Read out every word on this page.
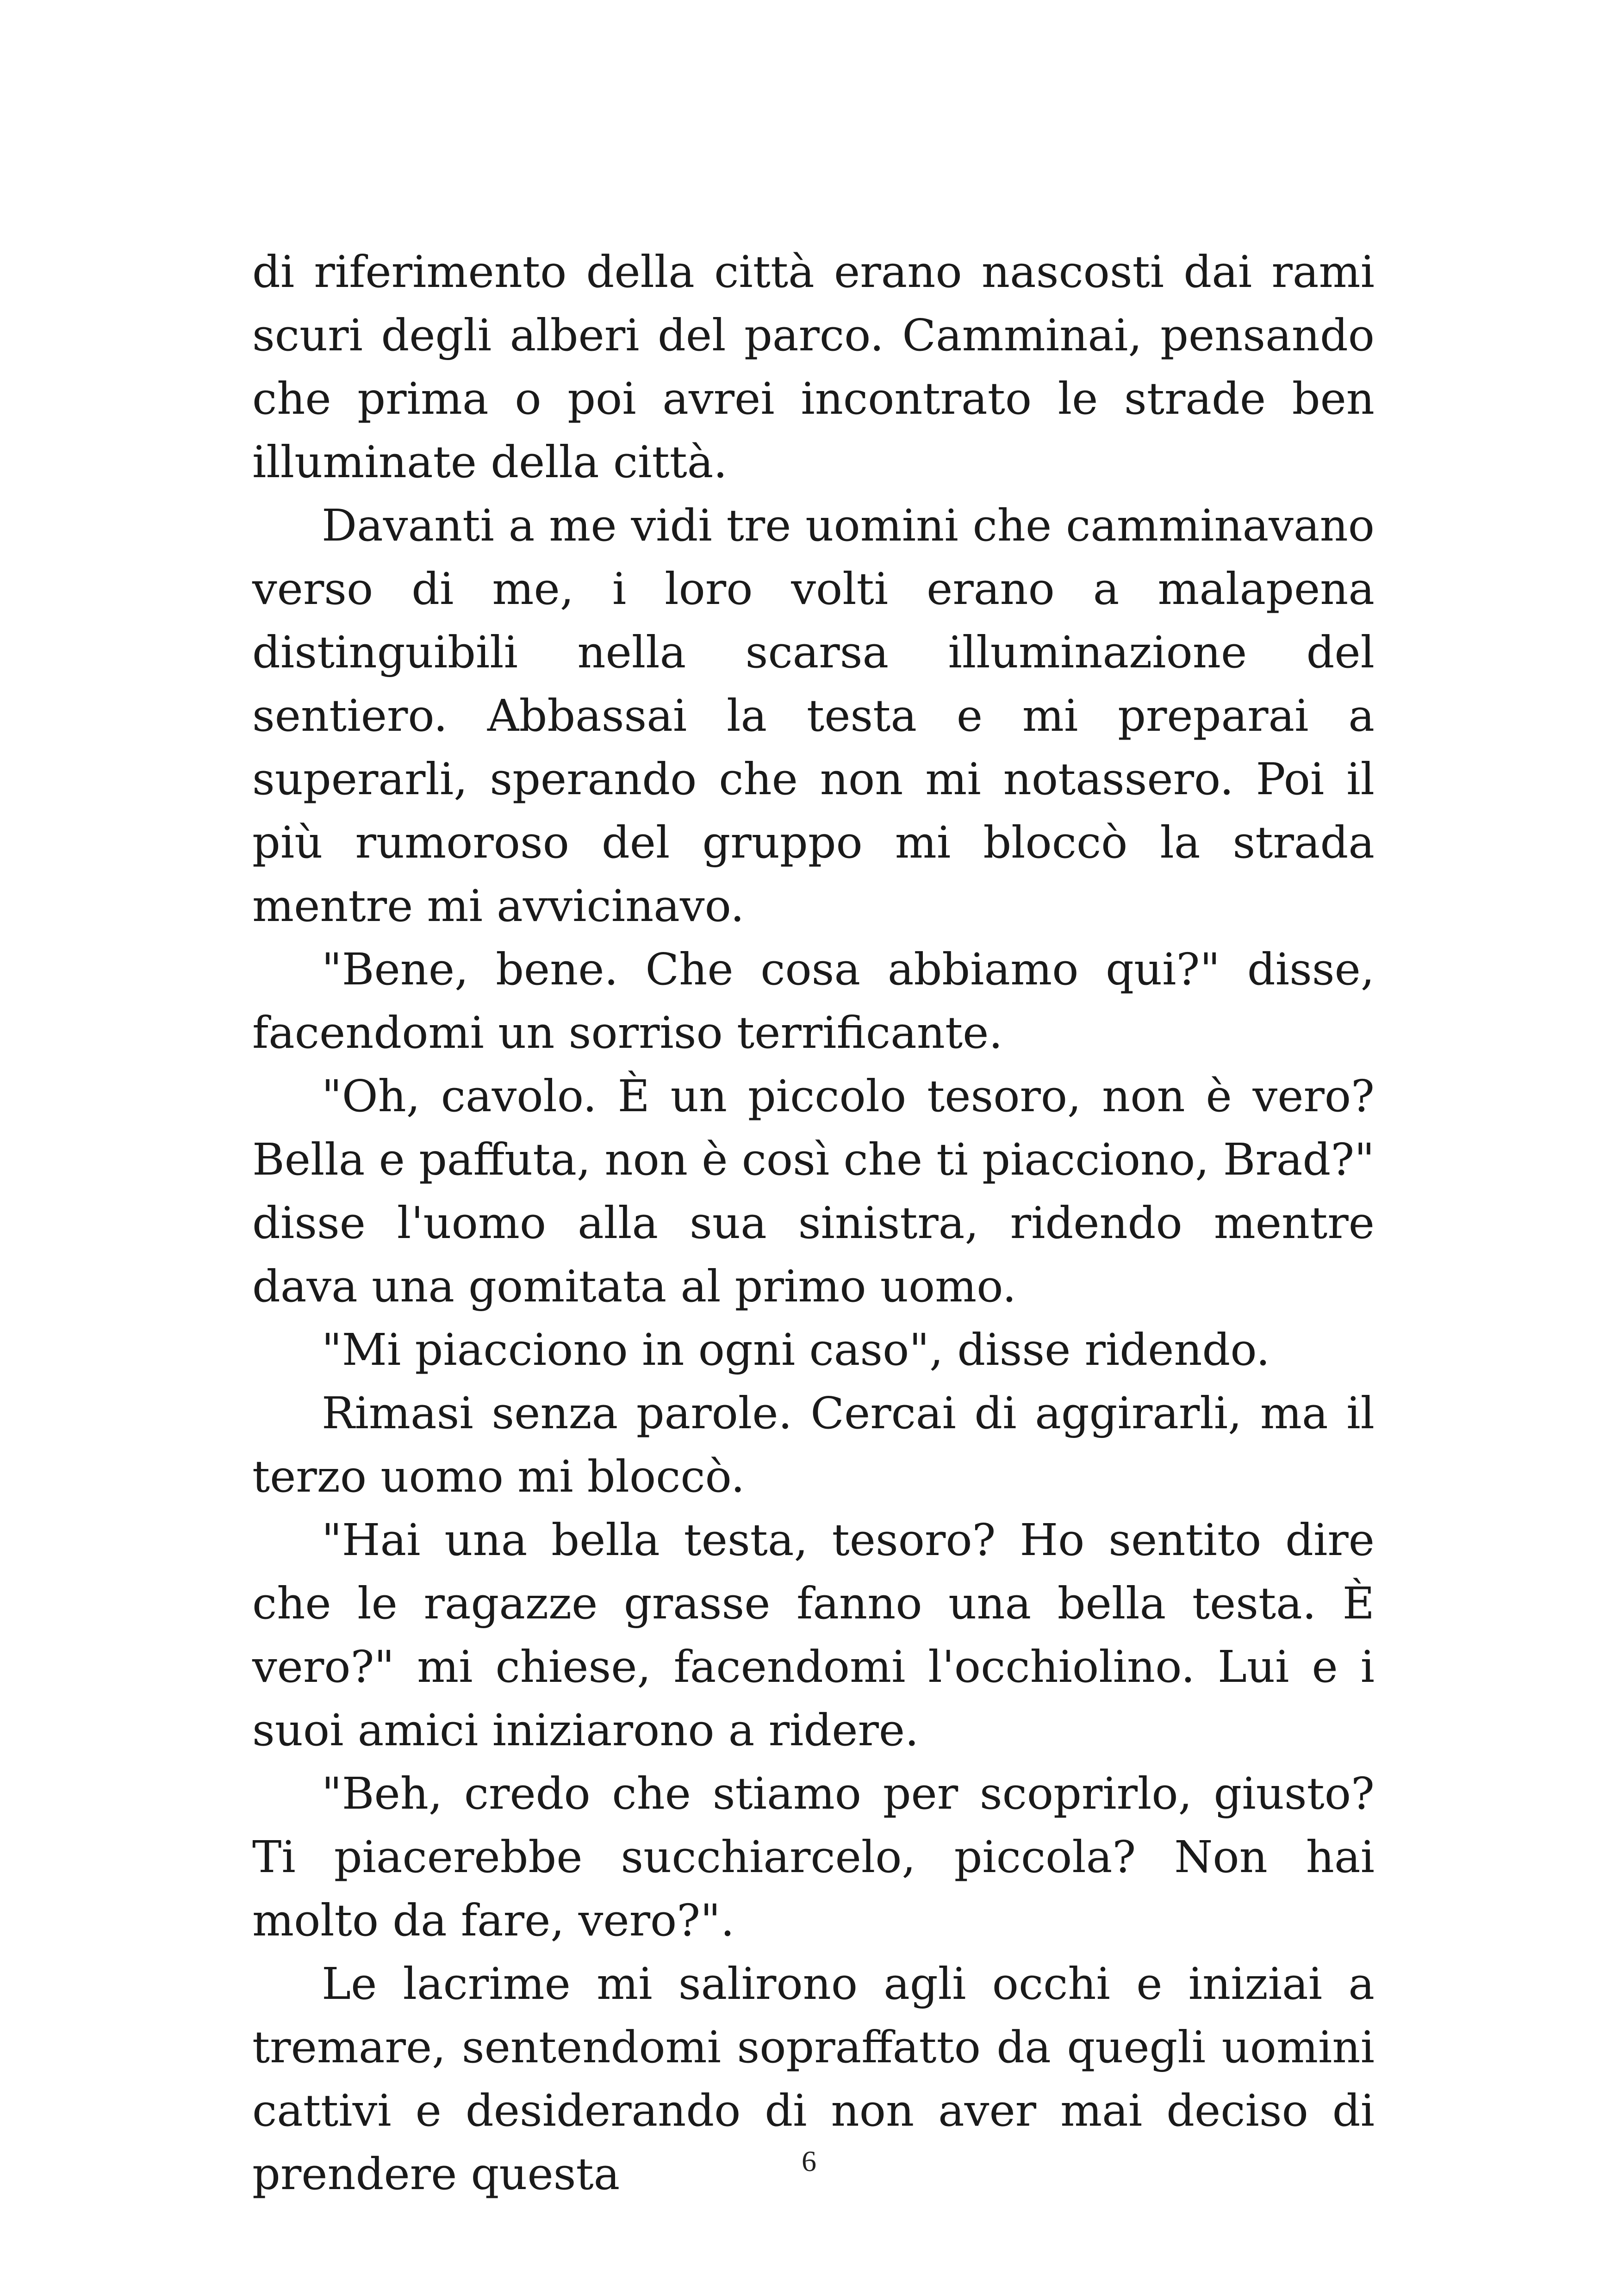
di riferimento della città erano nascosti dai rami scuri degli alberi del parco. Camminai, pensando che prima o poi avrei incontrato le strade ben illuminate della città.

Davanti a me vidi tre uomini che camminavano verso di me, i loro volti erano a malapena distinguibili nella scarsa illuminazione del sentiero. Abbassai la testa e mi preparai a superarli, sperando che non mi notassero. Poi il più rumoroso del gruppo mi bloccò la strada mentre mi avvicinavo.

"Bene, bene. Che cosa abbiamo qui?" disse, facendomi un sorriso terrificante.

"Oh, cavolo. È un piccolo tesoro, non è vero? Bella e paffuta, non è così che ti piacciono, Brad?" disse l'uomo alla sua sinistra, ridendo mentre dava una gomitata al primo uomo.

"Mi piacciono in ogni caso", disse ridendo.

Rimasi senza parole. Cercai di aggirarli, ma il terzo uomo mi bloccò.

"Hai una bella testa, tesoro? Ho sentito dire che le ragazze grasse fanno una bella testa. È vero?" mi chiese, facendomi l'occhiolino. Lui e i suoi amici iniziarono a ridere.

"Beh, credo che stiamo per scoprirlo, giusto? Ti piacerebbe succhiarcelo, piccola? Non hai molto da fare, vero?".

Le lacrime mi salirono agli occhi e iniziai a tremare, sentendomi sopraffatto da quegli uomini cattivi e desiderando di non aver mai deciso di prendere questa	6
